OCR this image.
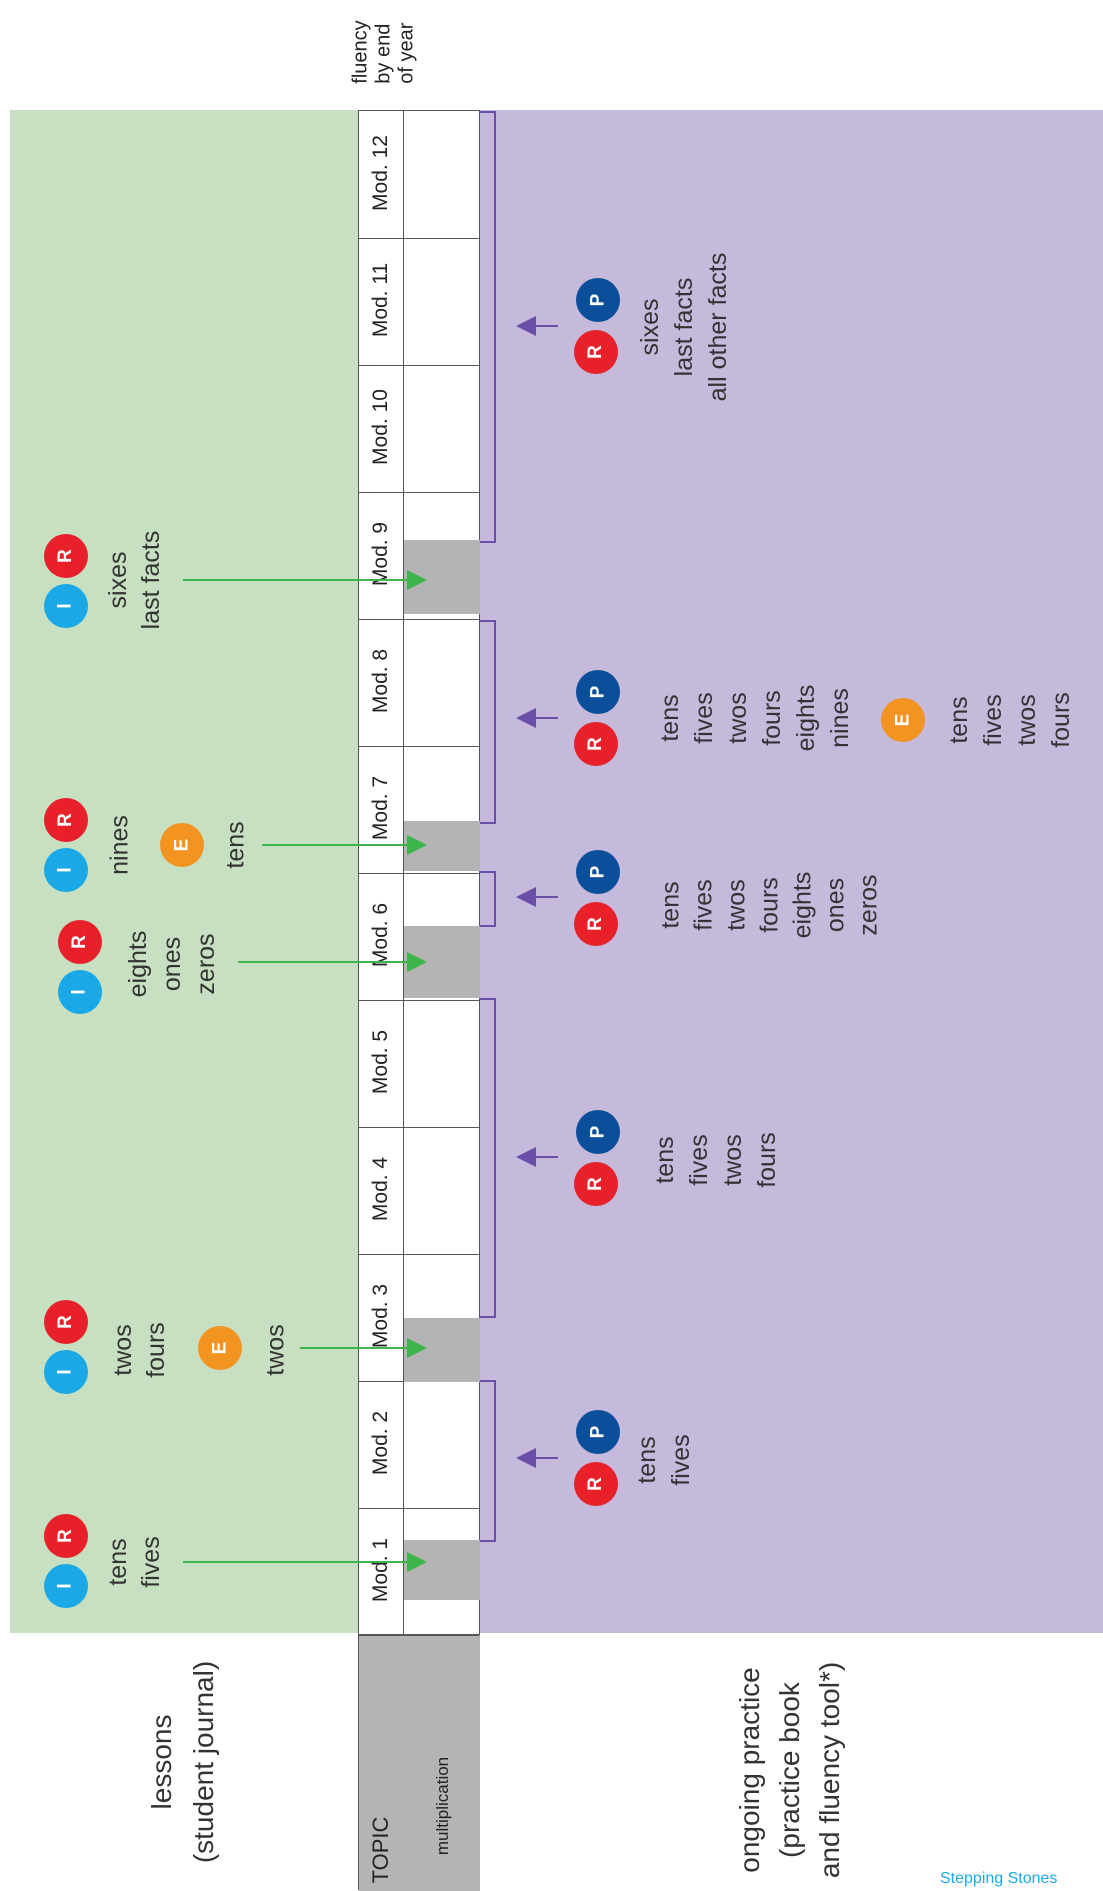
fluency by end of year
Mod. 12
Mod. 11
Mod. 10
Mod. 9
Mod. 8
Mod. 7
Mod. 6
Mod. 5
Mod. 4
Mod. 3
Mod. 2
Mod. 1
TOPIC multiplication
lessons (student journal)	ongoing practice (practice book and fluency tool*)
I
R
tens fives
I
R
twos fours E twos
I
R eights ones zeros
I
R nines E tens
I
R sixes last facts
R
P
tens fives
R
P
tens fives twos fours
R
P
tens fives twos fours eights ones zeros
R
P
tens fives twos fours eights nines E tens fives twos fours
R
P sixes last facts all other facts
Stepping Stones
